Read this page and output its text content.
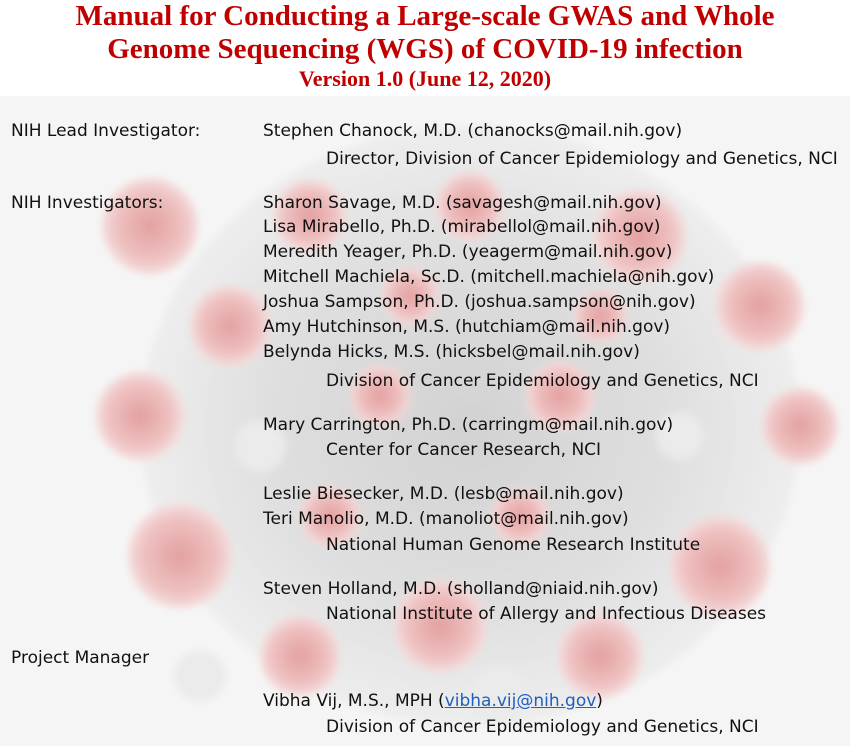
Manual for Conducting a Large-scale GWAS and Whole

Genome Sequencing (WGS) of COVID-19 infection

Version 1.0 (June 12, 2020)

NIH Lead Investigator:	Stephen Chanock, M.D. (chanocks@mail.nih.gov)
Director, Division of Cancer Epidemiology and Genetics, NCI
NIH Investigators:	Sharon Savage, M.D. (savagesh@mail.nih.gov)
Lisa Mirabello, Ph.D. (mirabellol@mail.nih.gov)
Meredith Yeager, Ph.D. (yeagerm@mail.nih.gov)
Mitchell Machiela, Sc.D. (mitchell.machiela@nih.gov)
Joshua Sampson, Ph.D. (joshua.sampson@nih.gov)
Amy Hutchinson, M.S. (hutchiam@mail.nih.gov)
Belynda Hicks, M.S. (hicksbel@mail.nih.gov)
Division of Cancer Epidemiology and Genetics, NCI
Mary Carrington, Ph.D. (carringm@mail.nih.gov)
Center for Cancer Research, NCI
Leslie Biesecker, M.D. (lesb@mail.nih.gov)
Teri Manolio, M.D. (manoliot@mail.nih.gov)
National Human Genome Research Institute
Steven Holland, M.D. (sholland@niaid.nih.gov)
National Institute of Allergy and Infectious Diseases
Project Manager
Vibha Vij, M.S., MPH (vibha.vij@nih.gov)
Division of Cancer Epidemiology and Genetics, NCI
